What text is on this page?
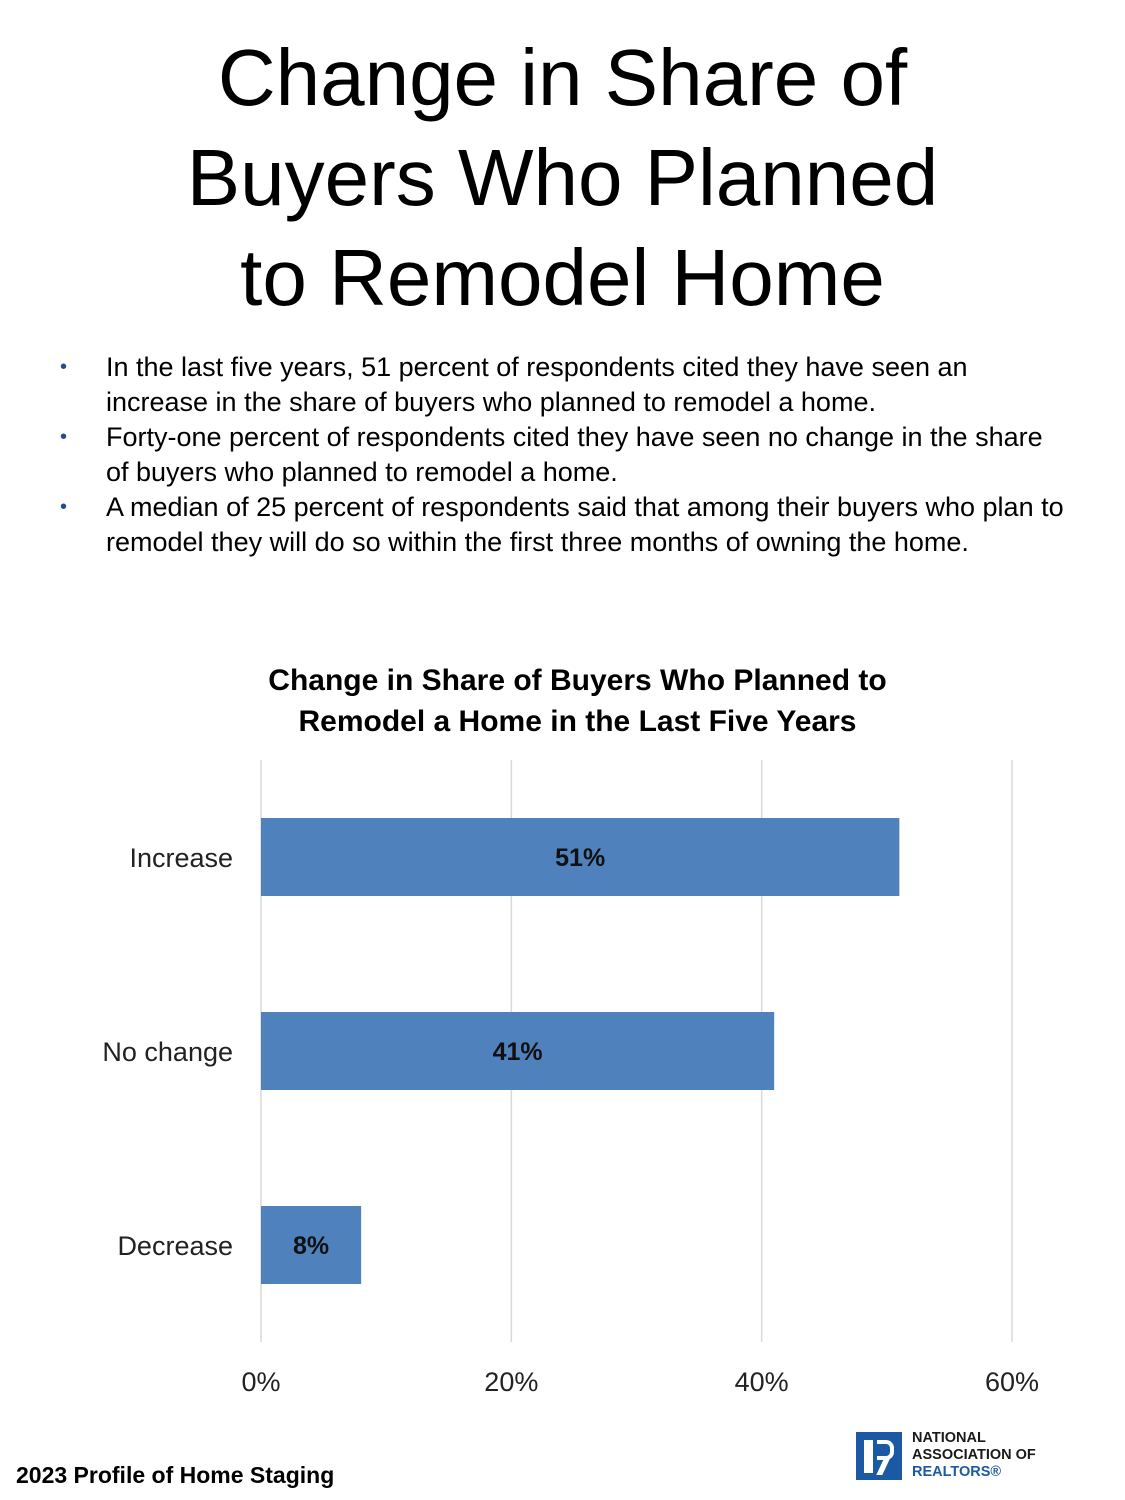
Change in Share of
Buyers Who Planned
to Remodel Home
• In the last five years, 51 percent of respondents cited they have seen an increase in the share of buyers who planned to remodel a home.
• Forty-one percent of respondents cited they have seen no change in the share of buyers who planned to remodel a home.
• A median of 25 percent of respondents said that among their buyers who plan to remodel they will do so within the first three months of owning the home.
Change in Share of Buyers Who Planned to
Remodel a Home in the Last Five Years
0%	20%	40%	60%
Increase	51%
No change	41%
Decrease 8%
2023 Profile of Home Staging
NATIONAL
ASSOCIATION OF
REALTORS®
